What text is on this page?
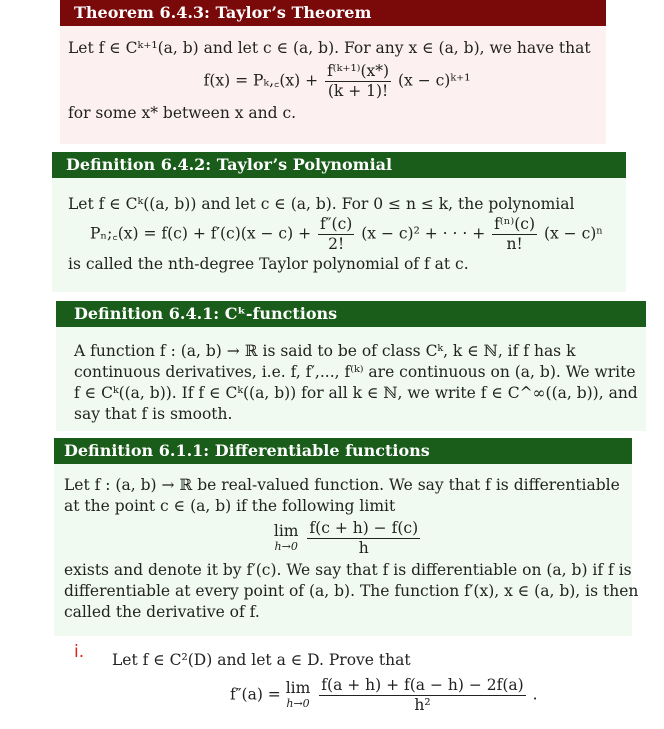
Theorem 6.4.3: Taylor’s Theorem
Let f ∈ Cᵏ⁺¹(a, b) and let c ∈ (a, b). For any x ∈ (a, b), we have that
f(x) = Pₖ,꜀(x) + $\frac{\text{f⁽ᵏ⁺¹⁾(x*)}}{(k + 1)!} (x$ − c)ᵏ⁺¹
for some x* between x and c.
Definition 6.4.2: Taylor’s Polynomial
Let f ∈ Cᵏ((a, b)) and let c ∈ (a, b). For 0 ≤ n ≤ k, the polynomial
Pₙ;꜀(x) = $f(c) + f'(c)(x - c) + \frac{f''(c)}{2!} (x - c)^2$ + · · · + $\frac{\text{f⁽ⁿ⁾(c)}}{n!} (x - c)^n$
is called the nth-degree Taylor polynomial of f at c.
Definition 6.4.1: Cᵏ-functions
A function f : (a, b) → ℝ is said to be of class Cᵏ, k ∈ ℕ, if f has k
continuous derivatives, i.e. f, f′,..., f⁽ᵏ⁾ are continuous on (a, b). We write
f ∈ Cᵏ((a, b)). If f ∈ Cᵏ((a, b)) for all k ∈ ℕ, we write f ∈ C^∞((a, b)), and
say that f is smooth.
Definition 6.1.1: Differentiable functions
Let f : (a, b) → ℝ be real-valued function. We say that f is differentiable
at the point c ∈ (a, b) if the following limit
lim
h→0
$\frac{f(c + h) - f(c)}{h}$
exists and denote it by f′(c). We say that f is differentiable on (a, b) if f is
differentiable at every point of (a, b). The function f′(x), x ∈ (a, b), is then
called the derivative of f.
i. Let f ∈ C²(D) and let a ∈ D. Prove that
f″(a) = lim
h→0
$\frac{f(a + h) + f(a - h) - 2f(a)}{\text{h²}}$ .
